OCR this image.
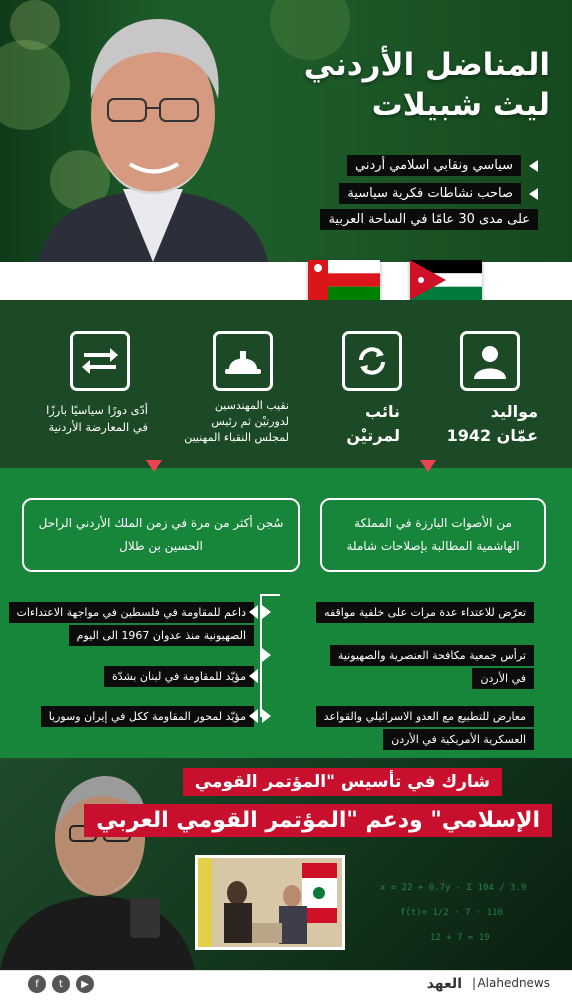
المناضل الأردني
ليث شبيلات
سياسي ونقابي اسلامي أردني
صاحب نشاطات فكرية سياسية
على مدى 30 عامًا في الساحة العربية
مواليد
عمّان 1942
نائب
لمرتيْن
نقيب المهندسين
لدورتيْن ثم رئيس
لمجلس النقباء المهنيين
أدّى دورًا سياسيًا بارزًا
في المعارضة الأردنية
من الأصوات البارزة في المملكة
الهاشمية المطالبة بإصلاحات شاملة
سُجن أكثر من مرة في زمن الملك الأردني الراحل
الحسين بن طلال
تعرّض للاعتداء عدة مرات على خلفية مواقفه
ترأس جمعية مكافحة العنصرية والصهيونية
في الأردن
معارض للتطبيع مع العدو الاسرائيلي والقواعد
العسكرية الأمريكية في الأردن
داعم للمقاومة في فلسطين في مواجهة الاعتداءات
الصهيونية منذ عدوان 1967 الى اليوم
مؤيّد للمقاومة في لبنان بشدّة
مؤيّد لمحور المقاومة ككل في إيران وسوريا
x = 22 + 0.7y - Σ 104 / 3.9
f(t)= 1/2 · 7 · 110
12 + 7 = 19
شارك في تأسيس "المؤتمر القومي
الإسلامي" ودعم "المؤتمر القومي العربي
f	t	▶	العهد | Alahednews
